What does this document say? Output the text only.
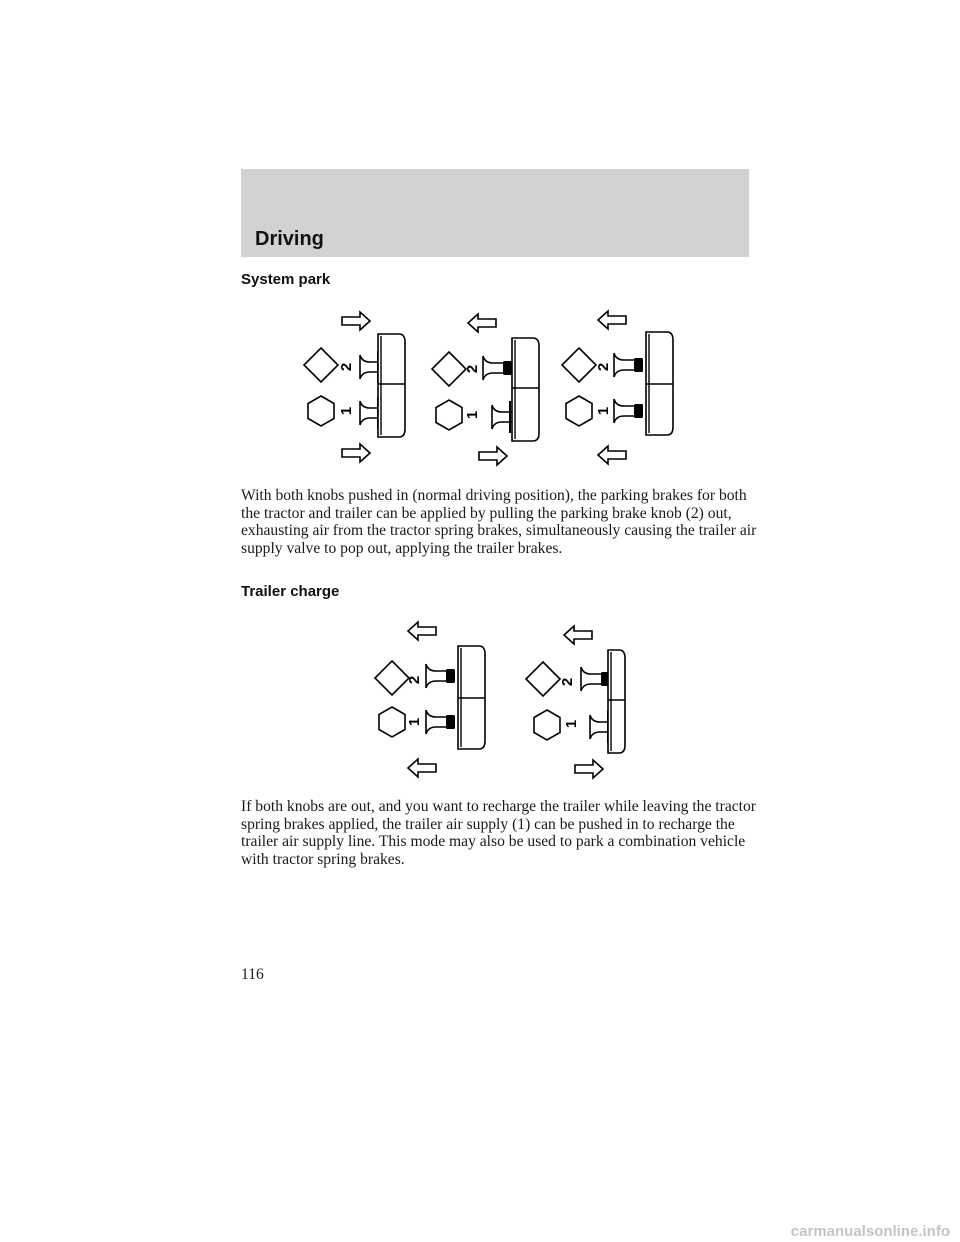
Driving
System park
2
1
2
1
2
1
With both knobs pushed in (normal driving position), the parking brakes for both the tractor and trailer can be applied by pulling the parking brake knob (2) out, exhausting air from the tractor spring brakes, simultaneously causing the trailer air supply valve to pop out, applying the trailer brakes.
Trailer charge
2
1
2
1
If both knobs are out, and you want to recharge the trailer while leaving the tractor spring brakes applied, the trailer air supply (1) can be pushed in to recharge the trailer air supply line. This mode may also be used to park a combination vehicle with tractor spring brakes.
116
carmanualsonline.info
